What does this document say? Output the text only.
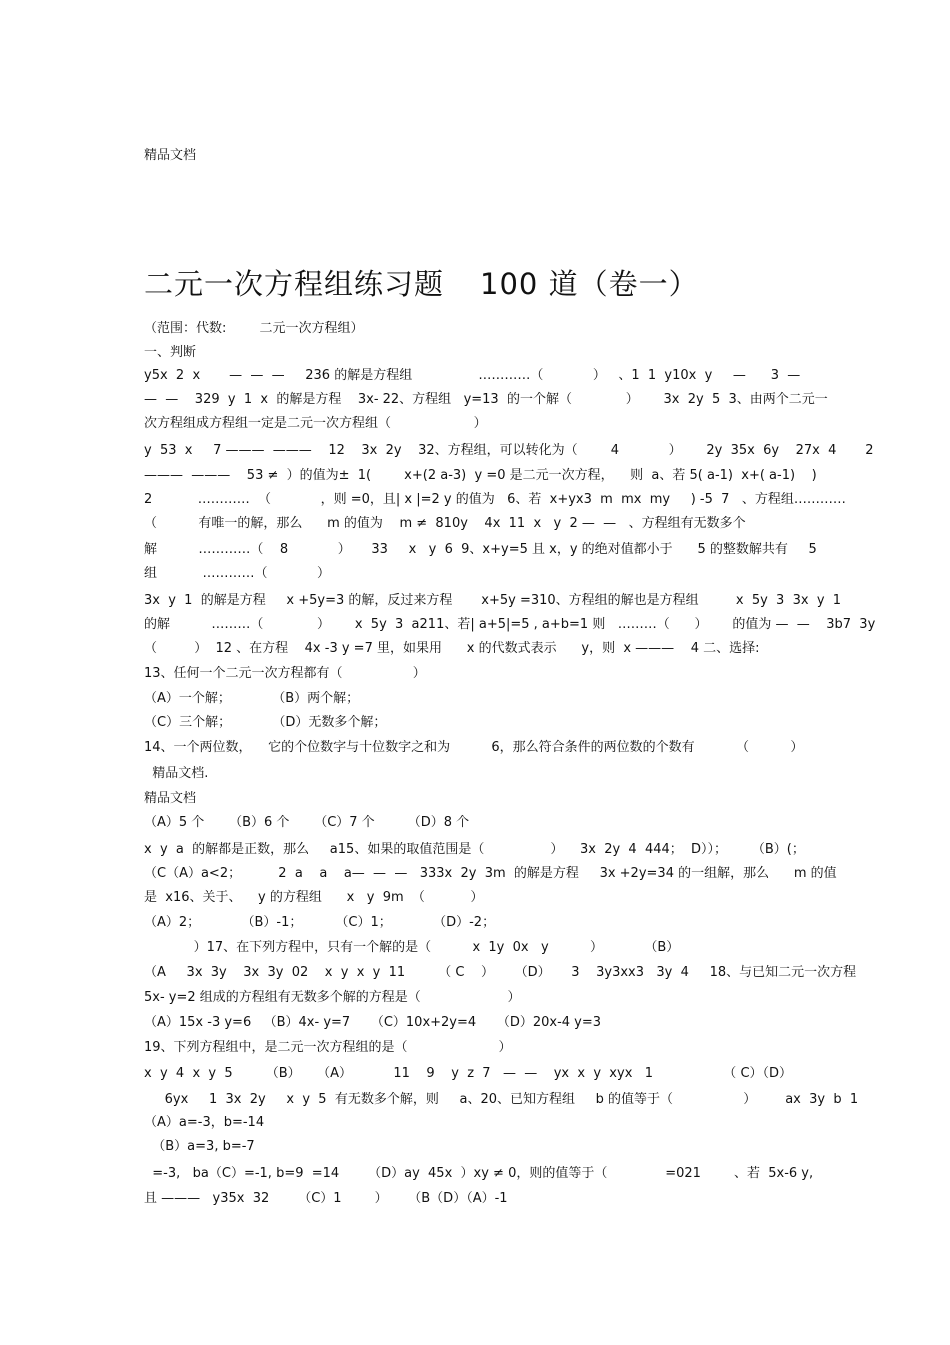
精品文档
二元一次方程组练习题 100 道（卷一）
（范围：代数:        二元一次方程组）
一、判断
y5x  2  x       —  —  —     236 的解是方程组                …………（            ）   、1  1  y10x  y     —      3  —
—  —    329  y  1  x  的解是方程    3x- 22、方程组   y=13  的一个解（             ）      3x  2y  5  3、由两个二元一
次方程组成方程组一定是二元一次方程组（                    ）
y  53  x     7 ———  ———    12    3x  2y    32、方程组，可以转化为（        4            ）      2y  35x  6y    27x  4       2
———  ———    53 ≠  ）的值为±  1(        x+(2 a-3)  y =0 是二元一次方程，    则  a、若 5( a-1)  x+( a-1)    )
2           …………  （            ，则 =0，且| x |=2 y 的值为   6、若  x+yx3  m  mx  my     ) -5  7   、方程组…………
（          有唯一的解，那么      m 的值为    m ≠  810y    4x  11  x   y  2 —  —   、方程组有无数多个
解          …………（    8            ）     33     x   y  6  9、x+y=5 且 x，y 的绝对值都小于      5 的整数解共有     5
组           …………（            ）
3x  y  1  的解是方程     x +5y=3 的解，反过来方程       x+5y =310、方程组的解也是方程组         x  5y  3  3x  y  1
的解          ………（             ）      x  5y  3  a211、若| a+5|=5 , a+b=1 则   ………（      ）      的值为 —  —    3b7  3y
（         ）  12 、在方程    4x -3 y =7 里，如果用      x 的代数式表示      y，则  x ———    4 二、选择:
13、任何一个二元一次方程都有（                 ）
（A）一个解；          （B）两个解；
（C）三个解；          （D）无数多个解；
14、一个两位数，    它的个位数字与十位数字之和为          6，那么符合条件的两位数的个数有          （          ）
精品文档.
精品文档
（A）5 个      （B）6 个      （C）7 个        （D）8 个
x  y  a  的解都是正数，那么     a15、如果的取值范围是（                ）    3x  2y  4  444；  D））；      （B）(；
（C（A）a<2；         2  a    a    a—  —  —   333x  2y  3m  的解是方程     3x +2y=34 的一组解，那么      m 的值
是  x16、关于、    y 的方程组      x   y  9m  （           ）
（A）2；          （B）-1；        （C）1；          （D）-2；
）17、在下列方程中，只有一个解的是（          x  1y  0x   y          ）          （B）
（A     3x  3y    3x  3y  02    x  y  x  y  11        （ C    ）     （D）     3    3y3xx3   3y  4     18、与已知二元一次方程
5x- y=2 组成的方程组有无数多个解的方程是（                     ）
（A）15x -3 y=6   （B）4x- y=7     （C）10x+2y=4     （D）20x-4 y=3
19、下列方程组中，是二元一次方程组的是（                      ）
x  y  4  x  y  5        （B）    （A）          11    9    y  z  7   —  —    yx  x  y  xyx   1                 （ C）（D）
6yx     1  3x  2y     x  y  5  有无数多个解，则     a、20、已知方程组     b 的值等于（                 ）       ax  3y  b  1
（A）a=-3，b=-14
（B）a=3, b=-7
=-3,   ba（C）=-1, b=9  =14       （D）ay  45x  ）xy ≠ 0，则的值等于（              =021        、若  5x-6 y,
且 ———   y35x  32       （C）1        ）     （B（D）（A）-1
